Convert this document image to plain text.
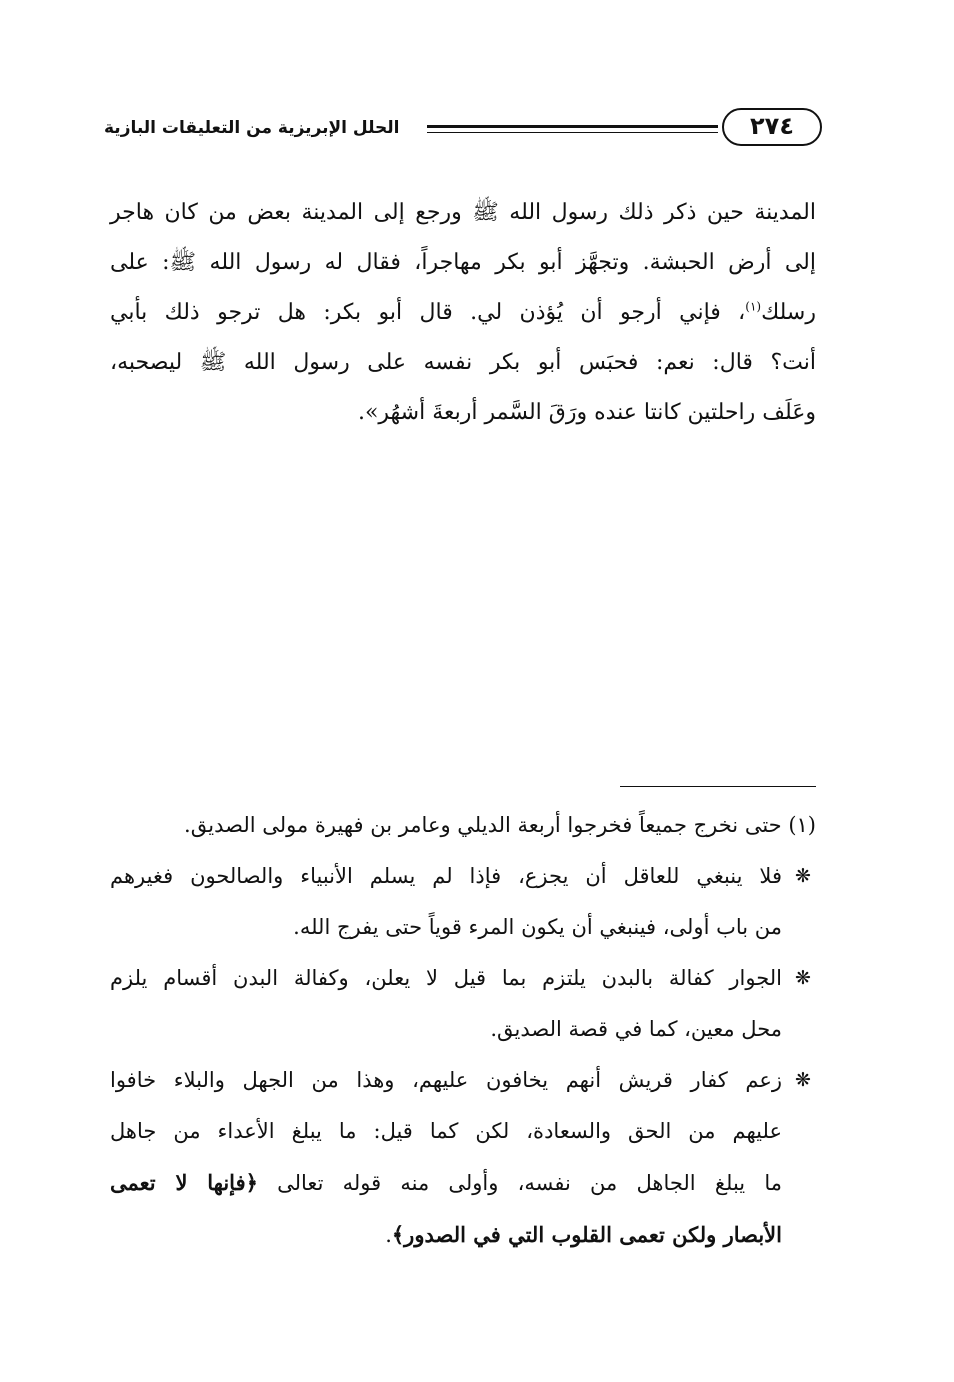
الحلل الإبريزية من التعليقات البازية	٢٧٤
المدينة حين ذكر ذلك رسول الله ﷺ ورجع إلى المدينة بعض من كان هاجر
إلى أرض الحبشة. وتجهَّز أبو بكر مهاجراً، فقال له رسول الله ﷺ: على
رسلك$^{(١)}$، فإني أرجو أن يُؤذن لي. قال أبو بكر: هل ترجو ذلك بأبي
أنت؟ قال: نعم: فحبَس أبو بكر نفسه على رسول الله ﷺ ليصحبه،
وعَلَف راحلتين كانتا عنده ورَقَ السَّمر أربعةَ أشهُر».
(١) حتى نخرج جميعاً فخرجوا أربعة الديلي وعامر بن فهيرة مولى الصديق.
❋
فلا ينبغي للعاقل أن يجزع، فإذا لم يسلم الأنبياء والصالحون فغيرهم
من باب أولى، فينبغي أن يكون المرء قوياً حتى يفرج الله.
❋
الجوار كفالة بالبدن يلتزم بما قيل لا يعلن، وكفالة البدن أقسام يلزم
محل معين، كما في قصة الصديق.
❋
زعم كفار قريش أنهم يخافون عليهم، وهذا من الجهل والبلاء خافوا
عليهم من الحق والسعادة، لكن كما قيل: ما يبلغ الأعداء من جاهل
ما يبلغ الجاهل من نفسه، وأولى منه قوله تعالى ﴿فإنها لا تعمى
الأبصار ولكن تعمى القلوب التي في الصدور﴾.
